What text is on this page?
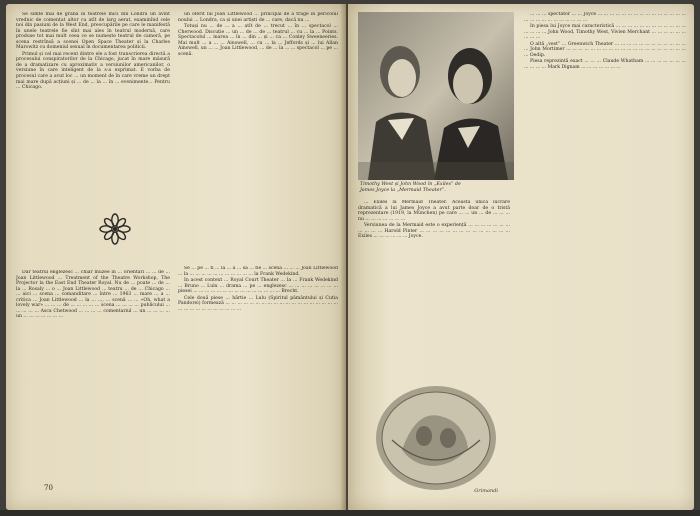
Se simte mai de grabă în teatrele mici din Londra un avînt vrednic de comentat altor cu atît de larg aerat, examinînd cele noi din pasiuni de la West End, preocupările pe care le manifestă în unele teatrele fie sînt mai ales în teatrul modernă, care produse tot mai mult ceea ce se numește teatrul de cameră, pe scena restrînsă a scenei Open Space Theater și la Charles Marowitz cu domeniul sexual în documentarea politicii.

Primul și cel mai recent dintre ele a fost transcrierea directă a procesului conspiratorilor de la Chicago, jucat în mare măsură de a dramatizare cu aproximativ a versiunilor americanilor, o versiune în care inteligent de la s-a exprimat. E vorba de procesul care a avut loc ... un moment de în care vreme un drept mai mare după acțiuni și ... de ... la ... în ... evenimente... Pentru ... Chicago.

un oferit lui Joan Littlewood ... principal de a trage în pericolul noului ... Londra, ca și unei artiști de ... care, dacă nu ...

Totuși nu ... de ... a ... atît de ... trecut ... în ... spectacol ... Cherwood. Discuție ... un ... de ... de ... teatrul ... cu ... la ... Points. Spectacolul ... marea ... în ... din ... și ... ca ... Conley Sweeneeries. Mai mult ... a ... ... Ainswell, ... cu ... la ... Jeffords și ... lui Allan Ainswell, un ... ... Joan Littlewood, ... de ... la ... ... spectacol ... pe ... scenă.

Dar teatrul englezesc ... chiar muzee în ... orientări ... ... de ... Joan Littlewood ... Treatment of the Theatre Workshop, The Projector la the East End Theater Royal. Nu de ... poate ... de ... la ... Rosaly ... o ... Joan Littlewood ... teatru ... de ... Chicago ... ... aici ... scena ... comanditare ... între ... 1963 ... mare ... a ... critica ... Joan Littlewood ... la ... ..., ... scenă ... ... «Oh, what a lovely war» ... ... ... de ... ... ... ... ... scena ... ... ... ... publicului ... ... ... ... ... Asca Chetwood ... ... ... ... comentariul ... un ... ... ... ... un ... ... ... ... ... ... ...

Se ... pe ... fi ... la ... a ... să ... fie ... scenă ... ... ... Joan Littlewood ... la ... ... ... ... ... ... ... ... ... ... ... la Frank Wedekind.

In acest context ... Royal Court Theater ... la ... Frank Wedekind ... Bruno ... Lulu ... drama ... pe ... englezesc ... ... ... ... ... ... ... ... piesei ... ... ... ... ... ... ... ... ... ... ... ... ... ... ... Brecht.

Cele două piese ... hârtie ... Lulu (Spiritul pământului și Cutia Pandorei) formează ... ... ... ... ... ... ... ... ... ... ... ... ... ... ... ... ... ... ... ... ... ... ... ... ... ... ... ... ... ...

70
Timothy West și John Wood în „Exiles” de
James Joyce la „Mermaid Theater”.

... Exiles la Mermaid Theater. Această unică lucrare dramatică a lui James Joyce a avut parte doar de o tristă reprezentare (1919, la München) pe care ... ... un ... de ... ... ... nu ... ... ... ... ... ... ...

Versiunea de la Mermaid este o experiență ... ... ... ... ... ... ... ... ... ... ... Harold Pinter ... ... ... ... ... ... ... ... ... ... ... ... ... ... Exiles ... ... ... ... ... ... Joyce.

Grimandi

... ... ... spectator ... ... Joyce ... ... ... ... ... ... ... ... ... ... ... ... ... ... ... ... ... ... ... ... ... ... ... ... ... ...

In piesa lui Joyce mai caracteristică ... ... ... ... ... ... ... ... ... ... ... ... ... ... ... ... John Wood, Timothy West, Vivien Merchant ... ... ... ... ... ... ... ... ...

O altă „vest” ... Greenwich Theater ... ... ... ... ... ... ... ... ... ... ... ... ... John Mortimer ... ... ... ... ... ... ... ... ... ... ... ... ... ... ... ... ... ... ... ... ... Oedip.

Piesa reprezintă exact ... ... ... Claude Whatham ... ... ... ... ... ... ... ... ... ... ... Mark Dignam ... ... ... ... ... ... ...
